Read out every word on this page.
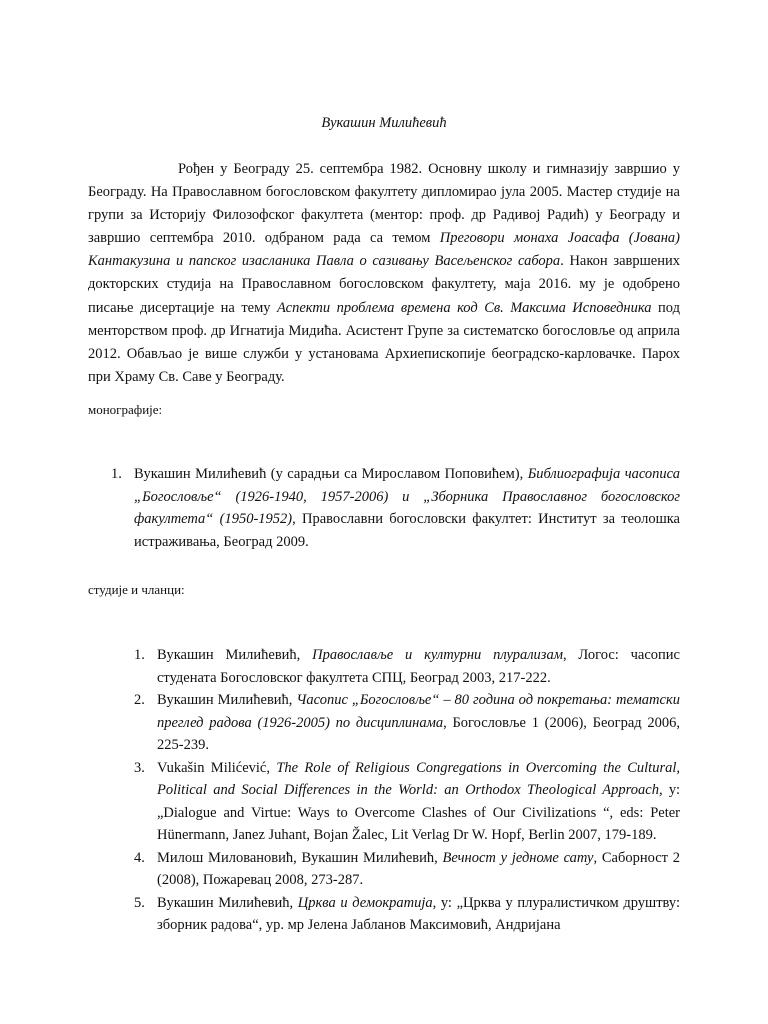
Вукашин Милићевић

Рођен у Београду 25. септембра 1982. Основну школу и гимназију завршио у Београду. На Православном богословском факултету дипломирао јула 2005. Мастер студије на групи за Историју Филозофског факултета (ментор: проф. др Радивој Радић) у Београду и завршио септембра 2010. одбраном рада са темом Преговори монаха Јоасафа (Јована) Кантакузина и папског изасланика Павла о сазивању Васељенског сабора. Након завршених докторских студија на Православном богословском факултету, маја 2016. му је одобрено писање дисертације на тему Аспекти проблема времена код Св. Максима Исповедника под менторством проф. др Игнатија Мидића. Асистент Групе за систематско богословље од априла 2012. Обављао је више служби у установама Архиепископије београдско-карловачке. Парох при Храму Св. Саве у Београду.

монографије:

1. Вукашин Милићевић (у сарадњи са Мирославом Поповићем), Библиографија часописа „Богословље“ (1926-1940, 1957-2006) и „Зборника Православног богословског факултета“ (1950-1952), Православни богословски факултет: Институт за теолошка истраживања, Београд 2009.

студије и чланци:

1. Вукашин Милићевић, Православље и културни плурализам, Логос: часопис студената Богословског факултета СПЦ, Београд 2003, 217-222.
2. Вукашин Милићевић, Часопис „Богословље“ – 80 година од покретања: тематски преглед радова (1926-2005) по дисциплинама, Богословље 1 (2006), Београд 2006, 225-239.
3. Vukašin Milićević, The Role of Religious Congregations in Overcoming the Cultural, Political and Social Differences in the World: an Orthodox Theological Approach, у: „Dialogue and Virtue: Ways to Overcome Clashes of Our Civilizations “, eds: Peter Hünermann, Janez Juhant, Bojan Žalec, Lit Verlag Dr W. Hopf, Berlin 2007, 179-189.
4. Милош Миловановић, Вукашин Милићевић, Вечност у једноме сату, Саборност 2 (2008), Пожаревац 2008, 273-287.
5. Вукашин Милићевић, Црква и демократија, у: „Црква у плуралистичком друштву: зборник радова“, ур. мр Јелена Јабланов Максимовић, Андријана
